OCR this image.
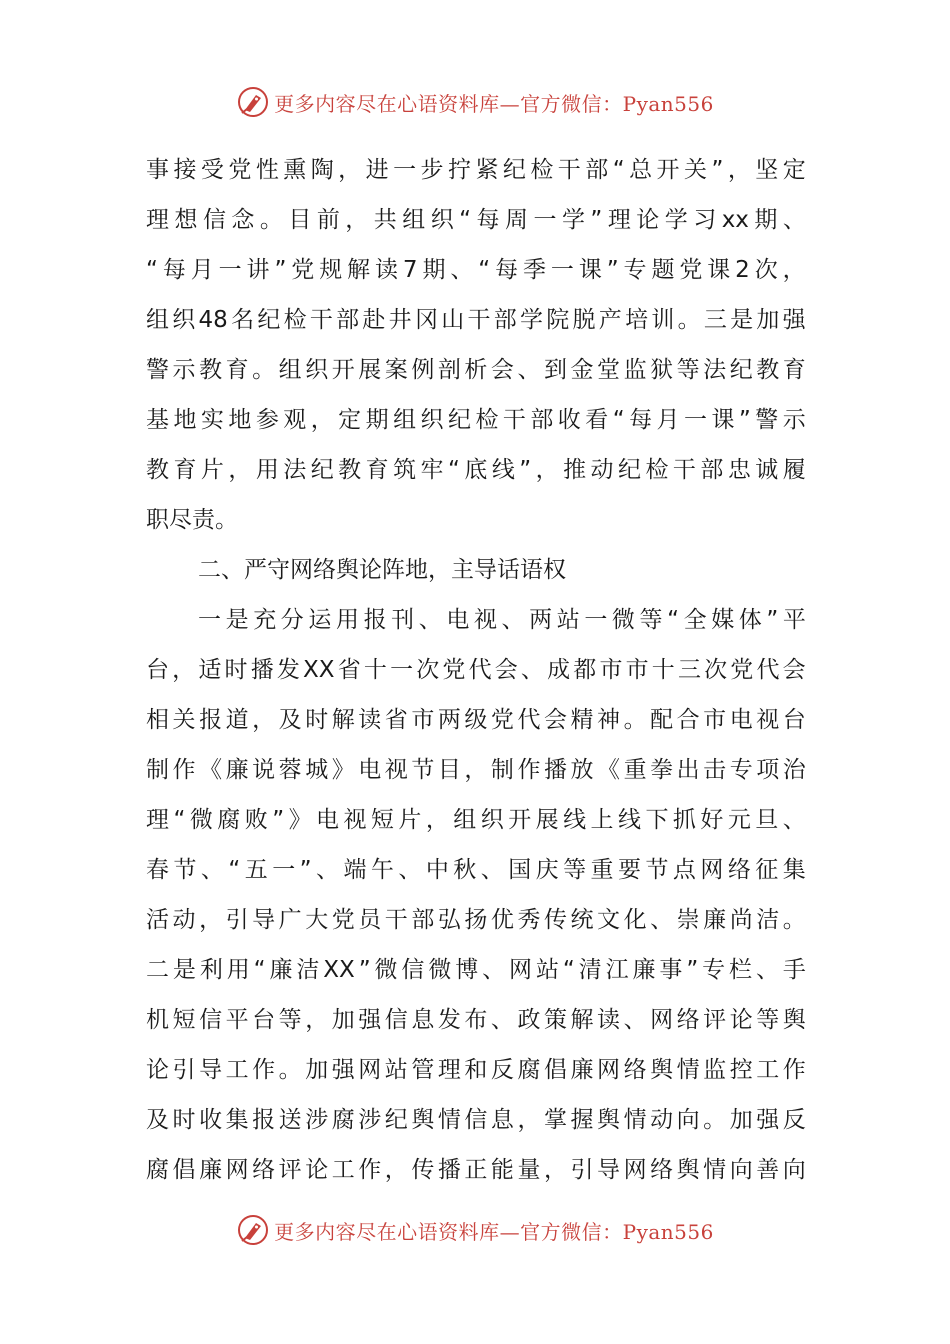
更多内容尽在心语资料库—官方微信：Pyan556
事 接 受 党 性 熏 陶 ， 进 一 步 拧 紧 纪 检 干 部 “ 总 开 关 ” ， 坚 定
理 想 信 念 。 目 前 ， 共 组 织 “ 每 周 一 学 ” 理 论 学 习 xx 期 、
“ 每 月 一 讲 ” 党 规 解 读 7 期 、 “ 每 季 一 课 ” 专 题 党 课 2 次 ，
组 织 48 名 纪 检 干 部 赴 井 冈 山 干 部 学 院 脱 产 培 训 。 三 是 加 强
警 示 教 育 。 组 织 开 展 案 例 剖 析 会 、 到 金 堂 监 狱 等 法 纪 教 育
基 地 实 地 参 观 ， 定 期 组 织 纪 检 干 部 收 看 “ 每 月 一 课 ” 警 示
教 育 片 ， 用 法 纪 教 育 筑 牢 “ 底 线 ” ， 推 动 纪 检 干 部 忠 诚 履
职尽责。
二、严守网络舆论阵地，主导话语权
一 是 充 分 运 用 报 刊 、 电 视 、 两 站 一 微 等 “ 全 媒 体 ” 平
台 ， 适 时 播 发 XX 省 十 一 次 党 代 会 、 成 都 市 市 十 三 次 党 代 会
相 关 报 道 ， 及 时 解 读 省 市 两 级 党 代 会 精 神 。 配 合 市 电 视 台
制 作 《 廉 说 蓉 城 》 电 视 节 目 ， 制 作 播 放 《 重 拳 出 击 专 项 治
理 “ 微 腐 败 ” 》 电 视 短 片 ， 组 织 开 展 线 上 线 下 抓 好 元 旦 、
春 节 、 “ 五 一 ” 、 端 午 、 中 秋 、 国 庆 等 重 要 节 点 网 络 征 集
活 动 ， 引 导 广 大 党 员 干 部 弘 扬 优 秀 传 统 文 化 、 崇 廉 尚 洁 。
二 是 利 用 “ 廉 洁 XX ” 微 信 微 博 、 网 站 “ 清 江 廉 事 ” 专 栏 、 手
机 短 信 平 台 等 ， 加 强 信 息 发 布 、 政 策 解 读 、 网 络 评 论 等 舆
论 引 导 工 作 。 加 强 网 站 管 理 和 反 腐 倡 廉 网 络 舆 情 监 控 工 作
及 时 收 集 报 送 涉 腐 涉 纪 舆 情 信 息 ， 掌 握 舆 情 动 向 。 加 强 反
腐 倡 廉 网 络 评 论 工 作 ， 传 播 正 能 量 ， 引 导 网 络 舆 情 向 善 向
更多内容尽在心语资料库—官方微信：Pyan556
